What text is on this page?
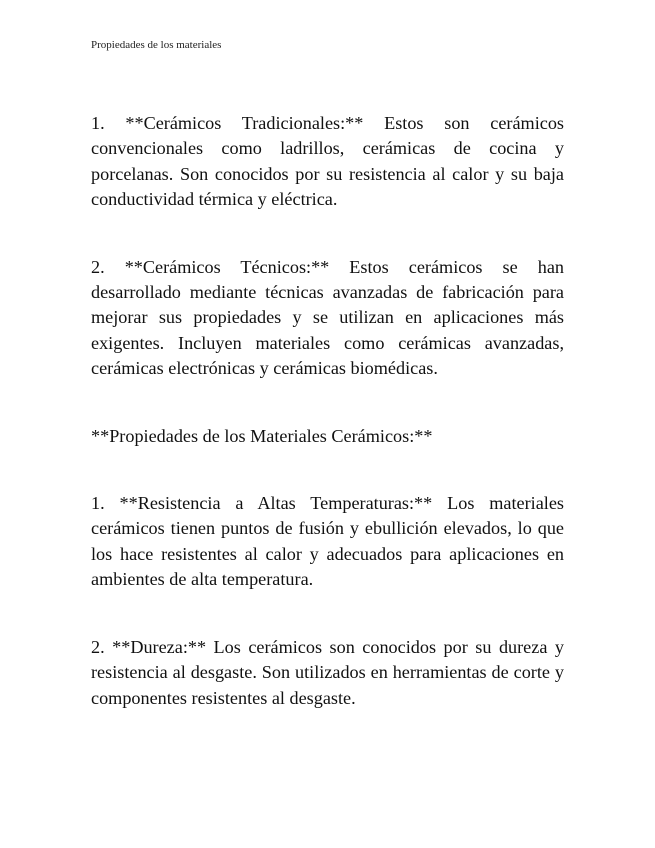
Propiedades de los materiales

1. **Cerámicos Tradicionales:** Estos son cerámicos convencionales como ladrillos, cerámicas de cocina y porcelanas. Son conocidos por su resistencia al calor y su baja conductividad térmica y eléctrica.

2. **Cerámicos Técnicos:** Estos cerámicos se han desarrollado mediante técnicas avanzadas de fabricación para mejorar sus propiedades y se utilizan en aplicaciones más exigentes. Incluyen materiales como cerámicas avanzadas, cerámicas electrónicas y cerámicas biomédicas.

**Propiedades de los Materiales Cerámicos:**

1. **Resistencia a Altas Temperaturas:** Los materiales cerámicos tienen puntos de fusión y ebullición elevados, lo que los hace resistentes al calor y adecuados para aplicaciones en ambientes de alta temperatura.

2. **Dureza:** Los cerámicos son conocidos por su dureza y resistencia al desgaste. Son utilizados en herramientas de corte y componentes resistentes al desgaste.
